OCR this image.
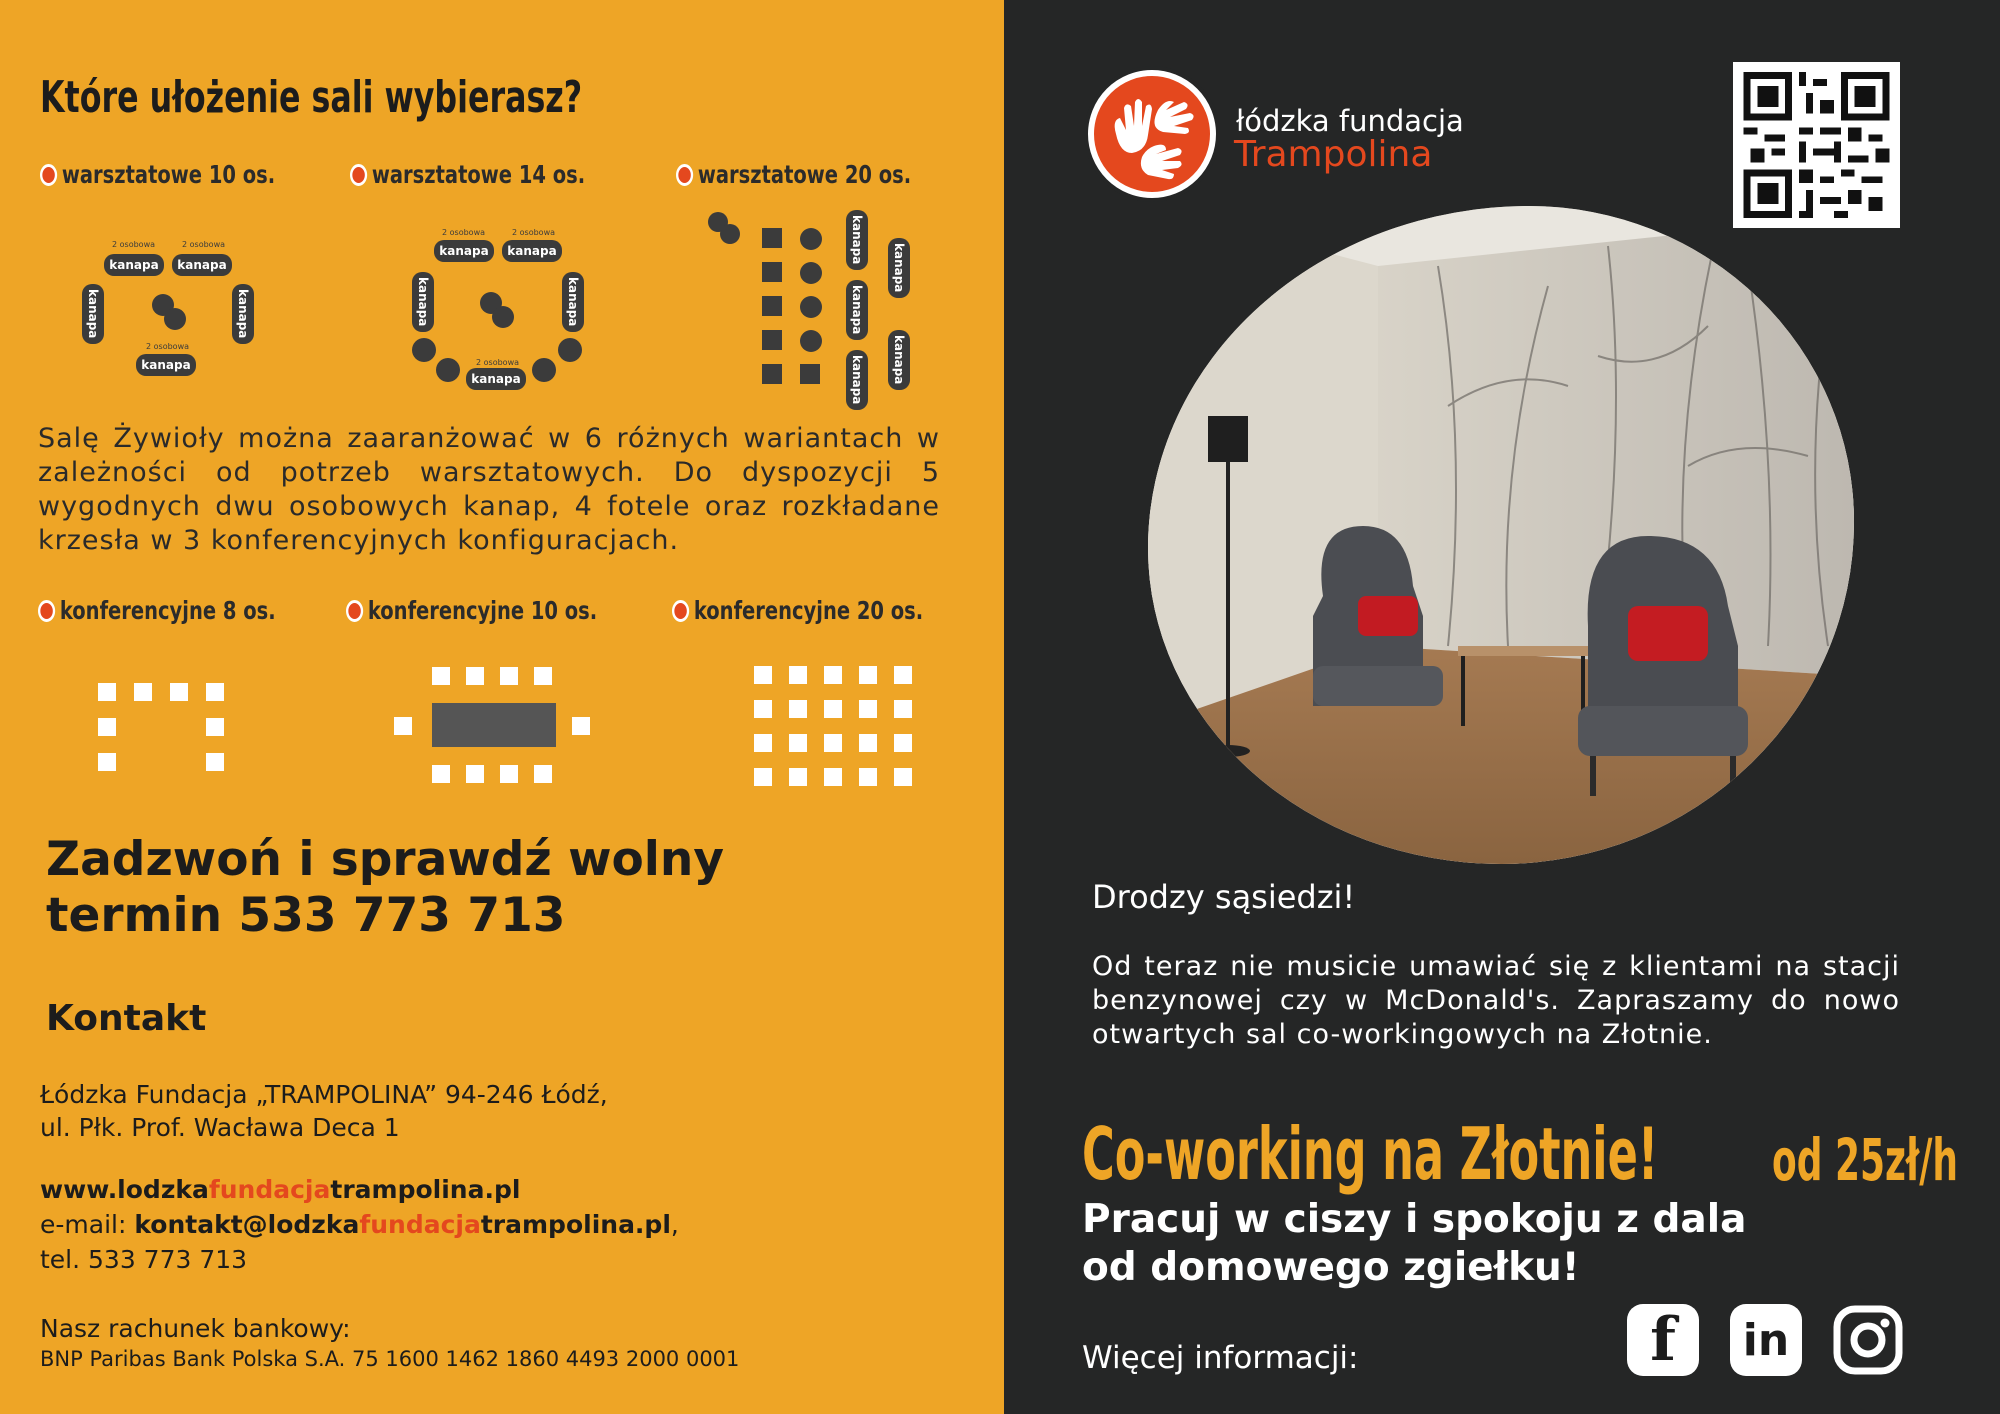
Które ułożenie sali wybierasz?
warsztatowe 10 os.	warsztatowe 14 os.	warsztatowe 20 os.
2 osobowa	2 osobowa
kanapa	kanapa
kanapa	kanapa
2 osobowa
kanapa
2 osobowa	2 osobowa
kanapa	kanapa
kanapa	kanapa
2 osobowa
kanapa
kanapa
kanapa
kanapa
kanapa
kanapa
Salę Żywioły można zaaranżować w 6 różnych wariantach w zależności od potrzeb warsztatowych. Do dyspozycji 5 wygodnych dwu osobowych kanap, 4 fotele oraz rozkładane krzesła w 3 konferencyjnych konfiguracjach.
konferencyjne 8 os.	konferencyjne 10 os.	konferencyjne 20 os.
Zadzwoń i sprawdź wolny
termin 533 773 713
Kontakt
Łódzka Fundacja „TRAMPOLINA” 94-246 Łódź,
ul. Płk. Prof. Wacława Deca 1
www.lodzkafundacjatrampolina.pl
e-mail: kontakt@lodzkafundacjatrampolina.pl,
tel. 533 773 713
Nasz rachunek bankowy:
BNP Paribas Bank Polska S.A. 75 1600 1462 1860 4493 2000 0001
łódzka fundacja
Trampolina
Drodzy sąsiedzi!
Od teraz nie musicie umawiać się z klientami na stacji benzynowej czy w McDonald's. Zapraszamy do nowo otwartych sal co-workingowych na Złotnie.
Co-working na Złotnie! od 25zł/h
Pracuj w ciszy i spokoju z dala
od domowego zgiełku!
Więcej informacji:	f	in
